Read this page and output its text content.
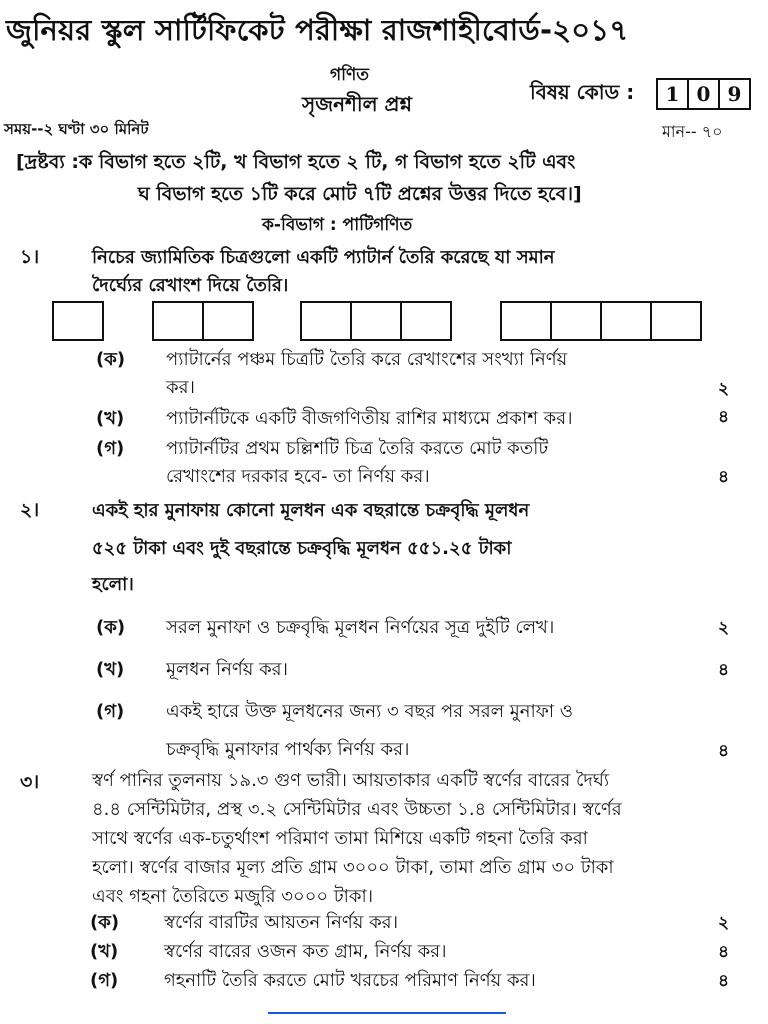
জুনিয়র স্কুল সার্টিফিকেট পরীক্ষা রাজশাহীবোর্ড-২০১৭
গণিত
সৃজনশীল প্রশ্ন	বিষয় কোড :	1 0 9
সময়--২ ঘণ্টা ৩০ মিনিট	মান-- ৭০
[দ্রষ্টব্য :ক বিভাগ হতে ২টি, খ বিভাগ হতে ২ টি, গ বিভাগ হতে ২টি এবং
ঘ বিভাগ হতে ১টি করে মোট ৭টি প্রশ্নের উত্তর দিতে হবে।]
ক-বিভাগ : পাটিগণিত
১।	নিচের জ্যামিতিক চিত্রগুলো একটি প্যাটার্ন তৈরি করেছে যা সমান
দৈর্ঘ্যের রেখাংশ দিয়ে তৈরি।
(ক) প্যাটার্নের পঞ্চম চিত্রটি তৈরি করে রেখাংশের সংখ্যা নির্ণয়
কর।	২
(খ) প্যাটার্নটিকে একটি বীজগণিতীয় রাশির মাধ্যমে প্রকাশ কর।	৪
(গ) প্যাটার্নটির প্রথম চল্লিশটি চিত্র তৈরি করতে মোট কতটি
রেখাংশের দরকার হবে- তা নির্ণয় কর।	৪
২।	একই হার মুনাফায় কোনো মূলধন এক বছরান্তে চক্রবৃদ্ধি মূলধন
৫২৫ টাকা এবং দুই বছরান্তে চক্রবৃদ্ধি মূলধন ৫৫১.২৫ টাকা
হলো।
(ক) সরল মুনাফা ও চক্রবৃদ্ধি মূলধন নির্ণয়ের সূত্র দুইটি লেখ।	২
(খ) মূলধন নির্ণয় কর।	৪
(গ) একই হারে উক্ত মূলধনের জন্য ৩ বছর পর সরল মুনাফা ও
চক্রবৃদ্ধি মুনাফার পার্থক্য নির্ণয় কর।	৪
৩।	স্বর্ণ পানির তুলনায় ১৯.৩ গুণ ভারী। আয়তাকার একটি স্বর্ণের বারের দৈর্ঘ্য
৪.৪ সেন্টিমিটার, প্রস্থ ৩.২ সেন্টিমিটার এবং উচ্চতা ১.৪ সেন্টিমিটার। স্বর্ণের
সাথে স্বর্ণের এক-চতুর্থাংশ পরিমাণ তামা মিশিয়ে একটি গহনা তৈরি করা
হলো। স্বর্ণের বাজার মূল্য প্রতি গ্রাম ৩০০০ টাকা, তামা প্রতি গ্রাম ৩০ টাকা
এবং গহনা তৈরিতে মজুরি ৩০০০ টাকা।
(ক) স্বর্ণের বারটির আয়তন নির্ণয় কর।	২
(খ)	স্বর্ণের বারের ওজন কত গ্রাম, নির্ণয় কর।	৪
(গ)	গহনাটি তৈরি করতে মোট খরচের পরিমাণ নির্ণয় কর।	৪
